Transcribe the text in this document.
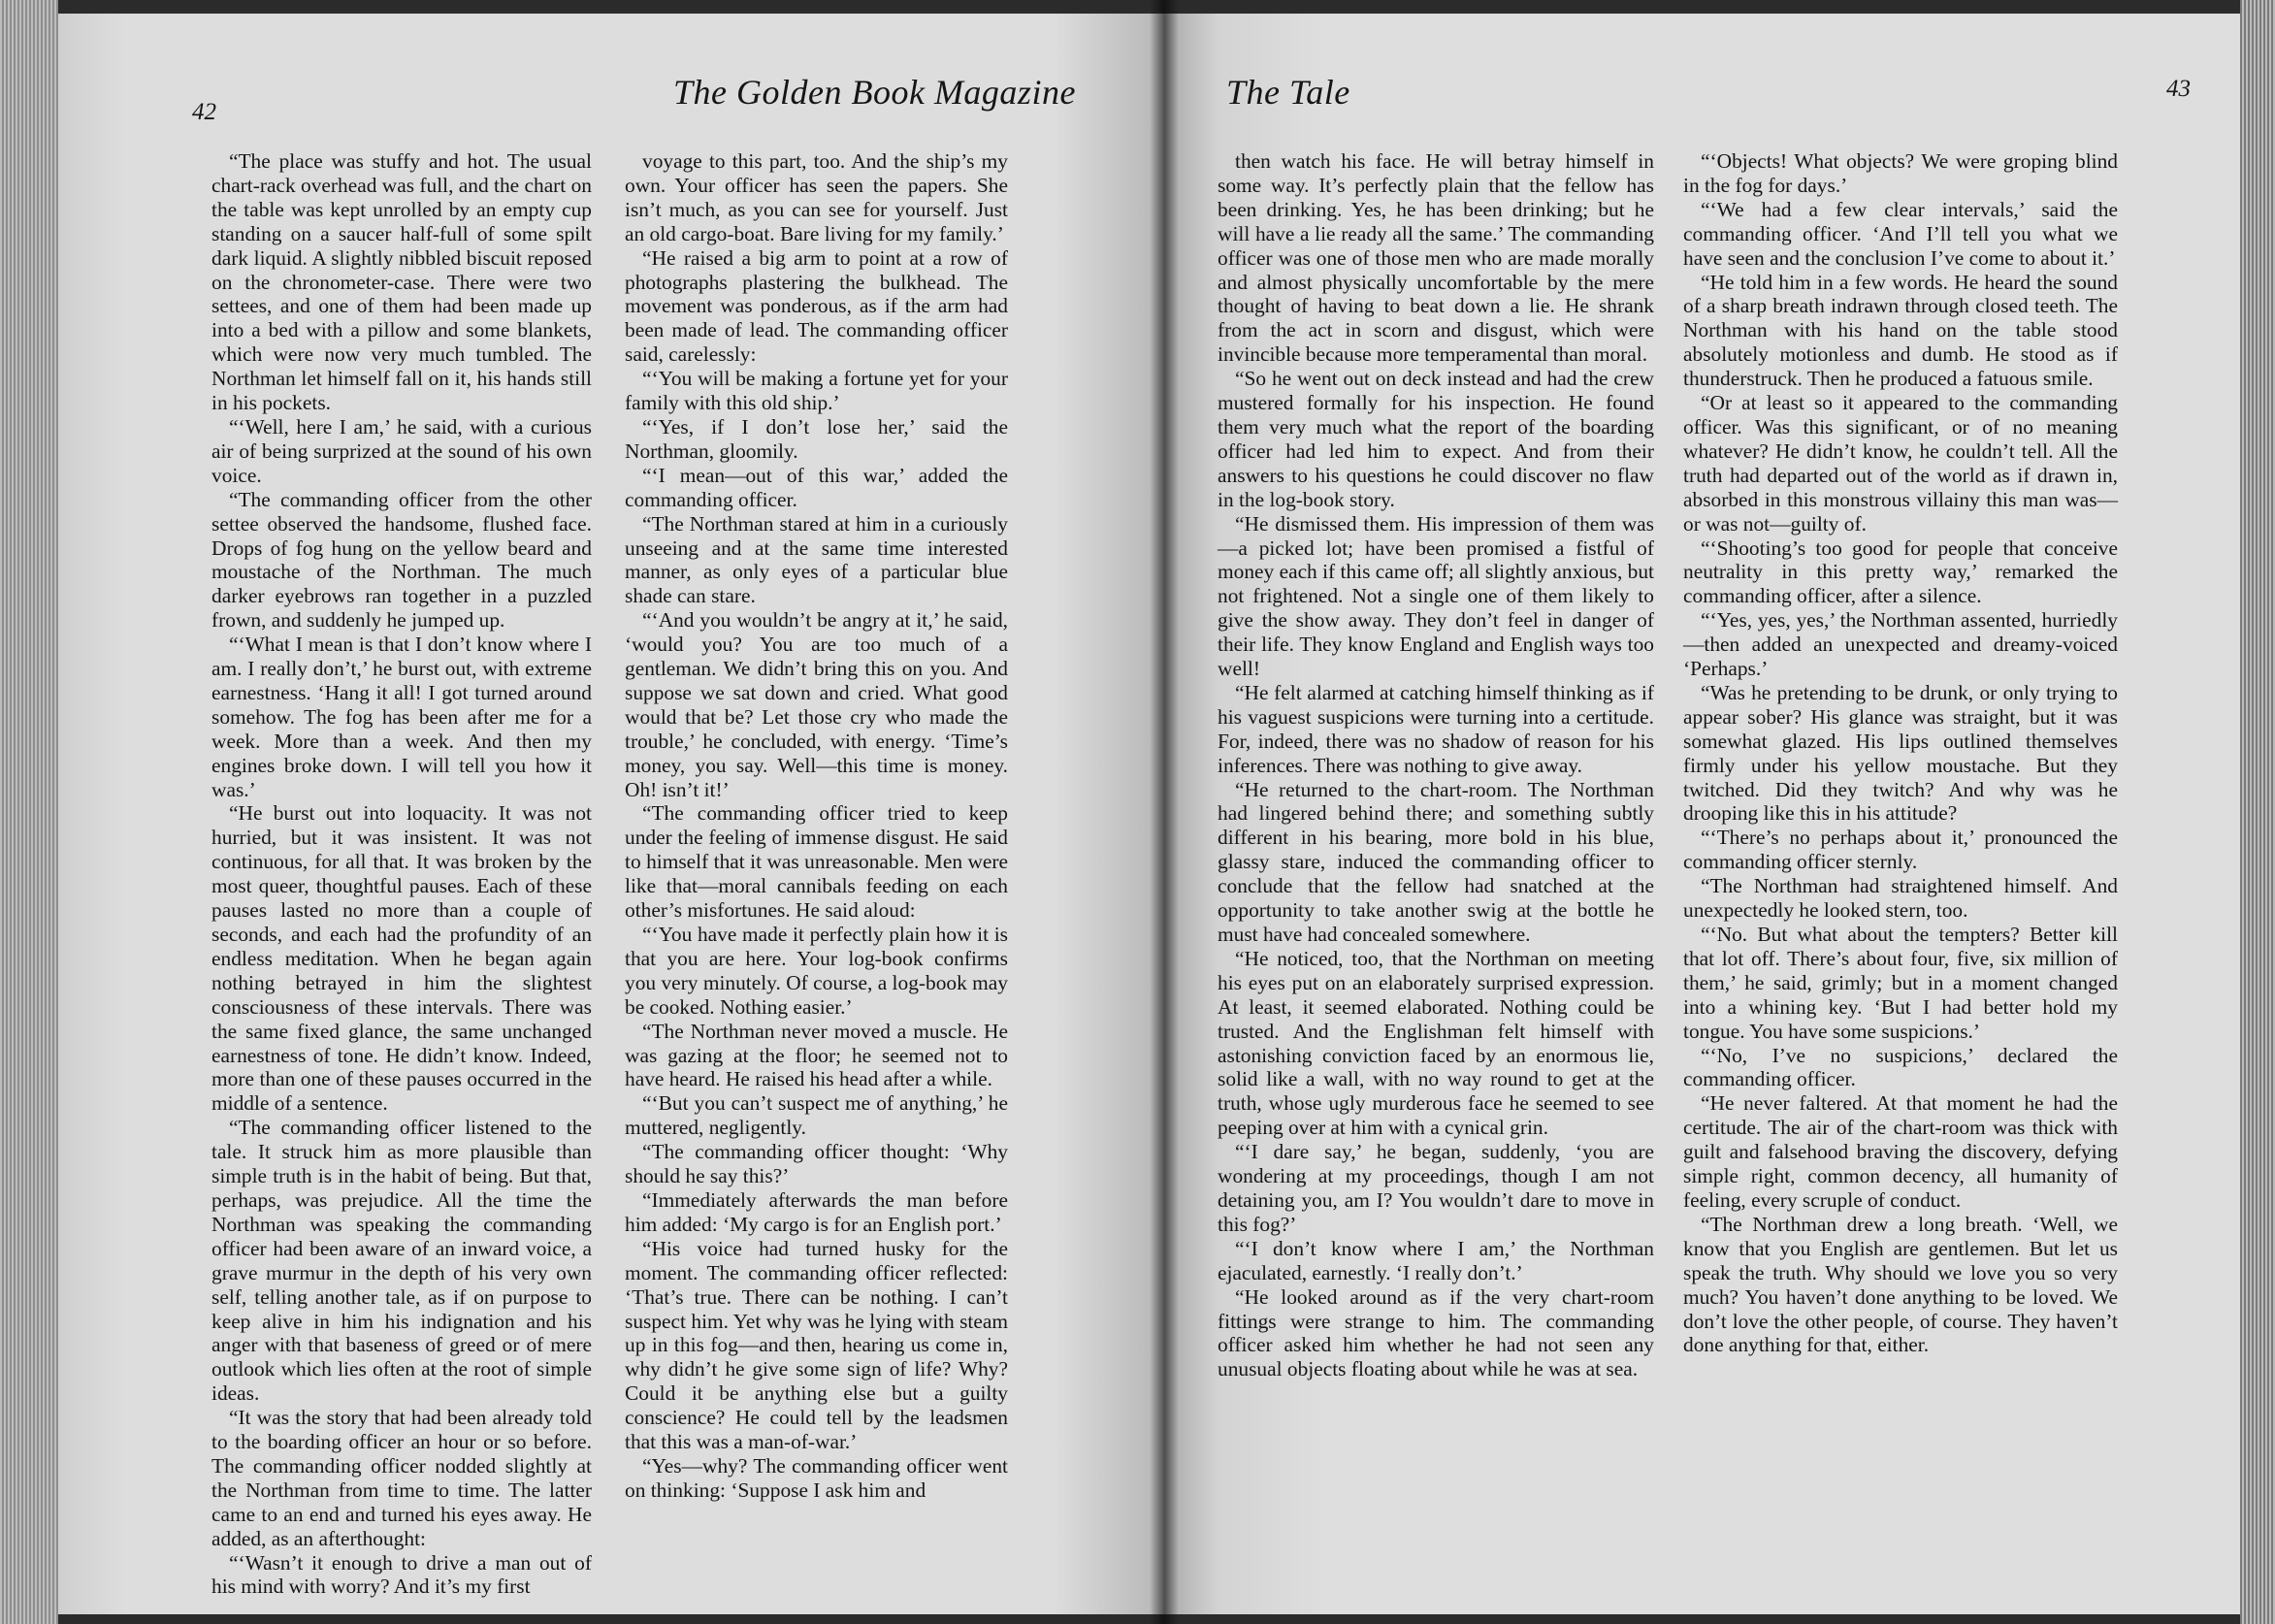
42
The Golden Book Magazine

“The place was stuffy and hot. The usual chart-rack overhead was full, and the chart on the table was kept unrolled by an empty cup standing on a saucer half-full of some spilt dark liquid. A slightly nibbled biscuit reposed on the chronometer-case. There were two settees, and one of them had been made up into a bed with a pillow and some blankets, which were now very much tumbled. The Northman let himself fall on it, his hands still in his pockets.

“‘Well, here I am,’ he said, with a curious air of being surprized at the sound of his own voice.

“The commanding officer from the other settee observed the handsome, flushed face. Drops of fog hung on the yellow beard and moustache of the Northman. The much darker eyebrows ran together in a puzzled frown, and suddenly he jumped up.

“‘What I mean is that I don’t know where I am. I really don’t,’ he burst out, with extreme earnestness. ‘Hang it all! I got turned around somehow. The fog has been after me for a week. More than a week. And then my engines broke down. I will tell you how it was.’

“He burst out into loquacity. It was not hurried, but it was insistent. It was not continuous, for all that. It was broken by the most queer, thoughtful pauses. Each of these pauses lasted no more than a couple of seconds, and each had the profundity of an endless meditation. When he began again nothing betrayed in him the slightest consciousness of these intervals. There was the same fixed glance, the same unchanged earnestness of tone. He didn’t know. Indeed, more than one of these pauses occurred in the middle of a sentence.

“The commanding officer listened to the tale. It struck him as more plausible than simple truth is in the habit of being. But that, perhaps, was prejudice. All the time the Northman was speaking the commanding officer had been aware of an inward voice, a grave murmur in the depth of his very own self, telling another tale, as if on purpose to keep alive in him his indignation and his anger with that baseness of greed or of mere outlook which lies often at the root of simple ideas.

“It was the story that had been already told to the boarding officer an hour or so before. The commanding officer nodded slightly at the Northman from time to time. The latter came to an end and turned his eyes away. He added, as an afterthought:

“‘Wasn’t it enough to drive a man out of his mind with worry? And it’s my first

voyage to this part, too. And the ship’s my own. Your officer has seen the papers. She isn’t much, as you can see for yourself. Just an old cargo-boat. Bare living for my family.’

“He raised a big arm to point at a row of photographs plastering the bulkhead. The movement was ponderous, as if the arm had been made of lead. The commanding officer said, carelessly:

“‘You will be making a fortune yet for your family with this old ship.’

“‘Yes, if I don’t lose her,’ said the Northman, gloomily.

“‘I mean—out of this war,’ added the commanding officer.

“The Northman stared at him in a curiously unseeing and at the same time interested manner, as only eyes of a particular blue shade can stare.

“‘And you wouldn’t be angry at it,’ he said, ‘would you? You are too much of a gentleman. We didn’t bring this on you. And suppose we sat down and cried. What good would that be? Let those cry who made the trouble,’ he concluded, with energy. ‘Time’s money, you say. Well—this time is money. Oh! isn’t it!’

“The commanding officer tried to keep under the feeling of immense disgust. He said to himself that it was unreasonable. Men were like that—moral cannibals feeding on each other’s misfortunes. He said aloud:

“‘You have made it perfectly plain how it is that you are here. Your log-book confirms you very minutely. Of course, a log-book may be cooked. Nothing easier.’

“The Northman never moved a muscle. He was gazing at the floor; he seemed not to have heard. He raised his head after a while.

“‘But you can’t suspect me of anything,’ he muttered, negligently.

“The commanding officer thought: ‘Why should he say this?’

“Immediately afterwards the man before him added: ‘My cargo is for an English port.’

“His voice had turned husky for the moment. The commanding officer reflected: ‘That’s true. There can be nothing. I can’t suspect him. Yet why was he lying with steam up in this fog—and then, hearing us come in, why didn’t he give some sign of life? Why? Could it be anything else but a guilty conscience? He could tell by the leadsmen that this was a man-of-war.’

“Yes—why? The commanding officer went on thinking: ‘Suppose I ask him and

The Tale	43

then watch his face. He will betray himself in some way. It’s perfectly plain that the fellow has been drinking. Yes, he has been drinking; but he will have a lie ready all the same.’ The commanding officer was one of those men who are made morally and almost physically uncomfortable by the mere thought of having to beat down a lie. He shrank from the act in scorn and disgust, which were invincible because more temperamental than moral.

“So he went out on deck instead and had the crew mustered formally for his inspection. He found them very much what the report of the boarding officer had led him to expect. And from their answers to his questions he could discover no flaw in the log-book story.

“He dismissed them. His impression of them was—a picked lot; have been promised a fistful of money each if this came off; all slightly anxious, but not frightened. Not a single one of them likely to give the show away. They don’t feel in danger of their life. They know England and English ways too well!

“He felt alarmed at catching himself thinking as if his vaguest suspicions were turning into a certitude. For, indeed, there was no shadow of reason for his inferences. There was nothing to give away.

“He returned to the chart-room. The Northman had lingered behind there; and something subtly different in his bearing, more bold in his blue, glassy stare, induced the commanding officer to conclude that the fellow had snatched at the opportunity to take another swig at the bottle he must have had concealed somewhere.

“He noticed, too, that the Northman on meeting his eyes put on an elaborately surprised expression. At least, it seemed elaborated. Nothing could be trusted. And the Englishman felt himself with astonishing conviction faced by an enormous lie, solid like a wall, with no way round to get at the truth, whose ugly murderous face he seemed to see peeping over at him with a cynical grin.

“‘I dare say,’ he began, suddenly, ‘you are wondering at my proceedings, though I am not detaining you, am I? You wouldn’t dare to move in this fog?’

“‘I don’t know where I am,’ the Northman ejaculated, earnestly. ‘I really don’t.’

“He looked around as if the very chart-room fittings were strange to him. The commanding officer asked him whether he had not seen any unusual objects floating about while he was at sea.

“‘Objects! What objects? We were groping blind in the fog for days.’

“‘We had a few clear intervals,’ said the commanding officer. ‘And I’ll tell you what we have seen and the conclusion I’ve come to about it.’

“He told him in a few words. He heard the sound of a sharp breath indrawn through closed teeth. The Northman with his hand on the table stood absolutely motionless and dumb. He stood as if thunderstruck. Then he produced a fatuous smile.

“Or at least so it appeared to the commanding officer. Was this significant, or of no meaning whatever? He didn’t know, he couldn’t tell. All the truth had departed out of the world as if drawn in, absorbed in this monstrous villainy this man was—or was not—guilty of.

“‘Shooting’s too good for people that conceive neutrality in this pretty way,’ remarked the commanding officer, after a silence.

“‘Yes, yes, yes,’ the Northman assented, hurriedly—then added an unexpected and dreamy-voiced ‘Perhaps.’

“Was he pretending to be drunk, or only trying to appear sober? His glance was straight, but it was somewhat glazed. His lips outlined themselves firmly under his yellow moustache. But they twitched. Did they twitch? And why was he drooping like this in his attitude?

“‘There’s no perhaps about it,’ pronounced the commanding officer sternly.

“The Northman had straightened himself. And unexpectedly he looked stern, too.

“‘No. But what about the tempters? Better kill that lot off. There’s about four, five, six million of them,’ he said, grimly; but in a moment changed into a whining key. ‘But I had better hold my tongue. You have some suspicions.’

“‘No, I’ve no suspicions,’ declared the commanding officer.

“He never faltered. At that moment he had the certitude. The air of the chart-room was thick with guilt and falsehood braving the discovery, defying simple right, common decency, all humanity of feeling, every scruple of conduct.

“The Northman drew a long breath. ‘Well, we know that you English are gentlemen. But let us speak the truth. Why should we love you so very much? You haven’t done anything to be loved. We don’t love the other people, of course. They haven’t done anything for that, either.
